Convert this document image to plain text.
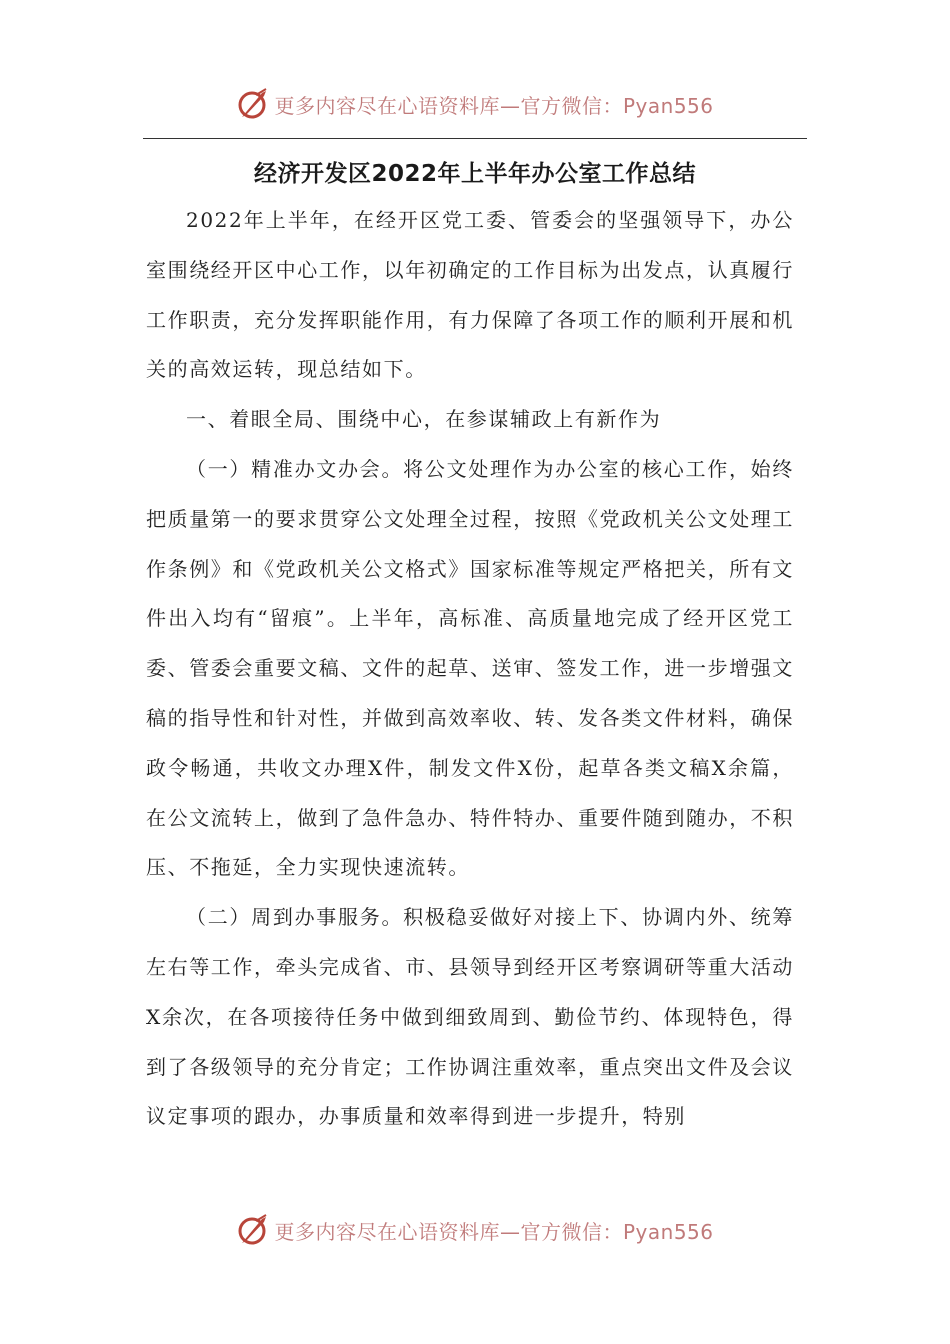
更多内容尽在心语资料库—官方微信：Pyan556
经济开发区2022年上半年办公室工作总结

2022年上半年，在经开区党工委、管委会的坚强领导下，办公室围绕经开区中心工作，以年初确定的工作目标为出发点，认真履行工作职责，充分发挥职能作用，有力保障了各项工作的顺利开展和机关的高效运转，现总结如下。

一、着眼全局、围绕中心，在参谋辅政上有新作为

（一）精准办文办会。将公文处理作为办公室的核心工作，始终把质量第一的要求贯穿公文处理全过程，按照《党政机关公文处理工作条例》和《党政机关公文格式》国家标准等规定严格把关，所有文件出入均有“留痕”。上半年，高标准、高质量地完成了经开区党工委、管委会重要文稿、文件的起草、送审、签发工作，进一步增强文稿的指导性和针对性，并做到高效率收、转、发各类文件材料，确保政令畅通，共收文办理X件，制发文件X份，起草各类文稿X余篇，在公文流转上，做到了急件急办、特件特办、重要件随到随办，不积压、不拖延，全力实现快速流转。

（二）周到办事服务。积极稳妥做好对接上下、协调内外、统筹左右等工作，牵头完成省、市、县领导到经开区考察调研等重大活动X余次，在各项接待任务中做到细致周到、勤俭节约、体现特色，得到了各级领导的充分肯定；工作协调注重效率，重点突出文件及会议议定事项的跟办，办事质量和效率得到进一步提升，特别

更多内容尽在心语资料库—官方微信：Pyan556
